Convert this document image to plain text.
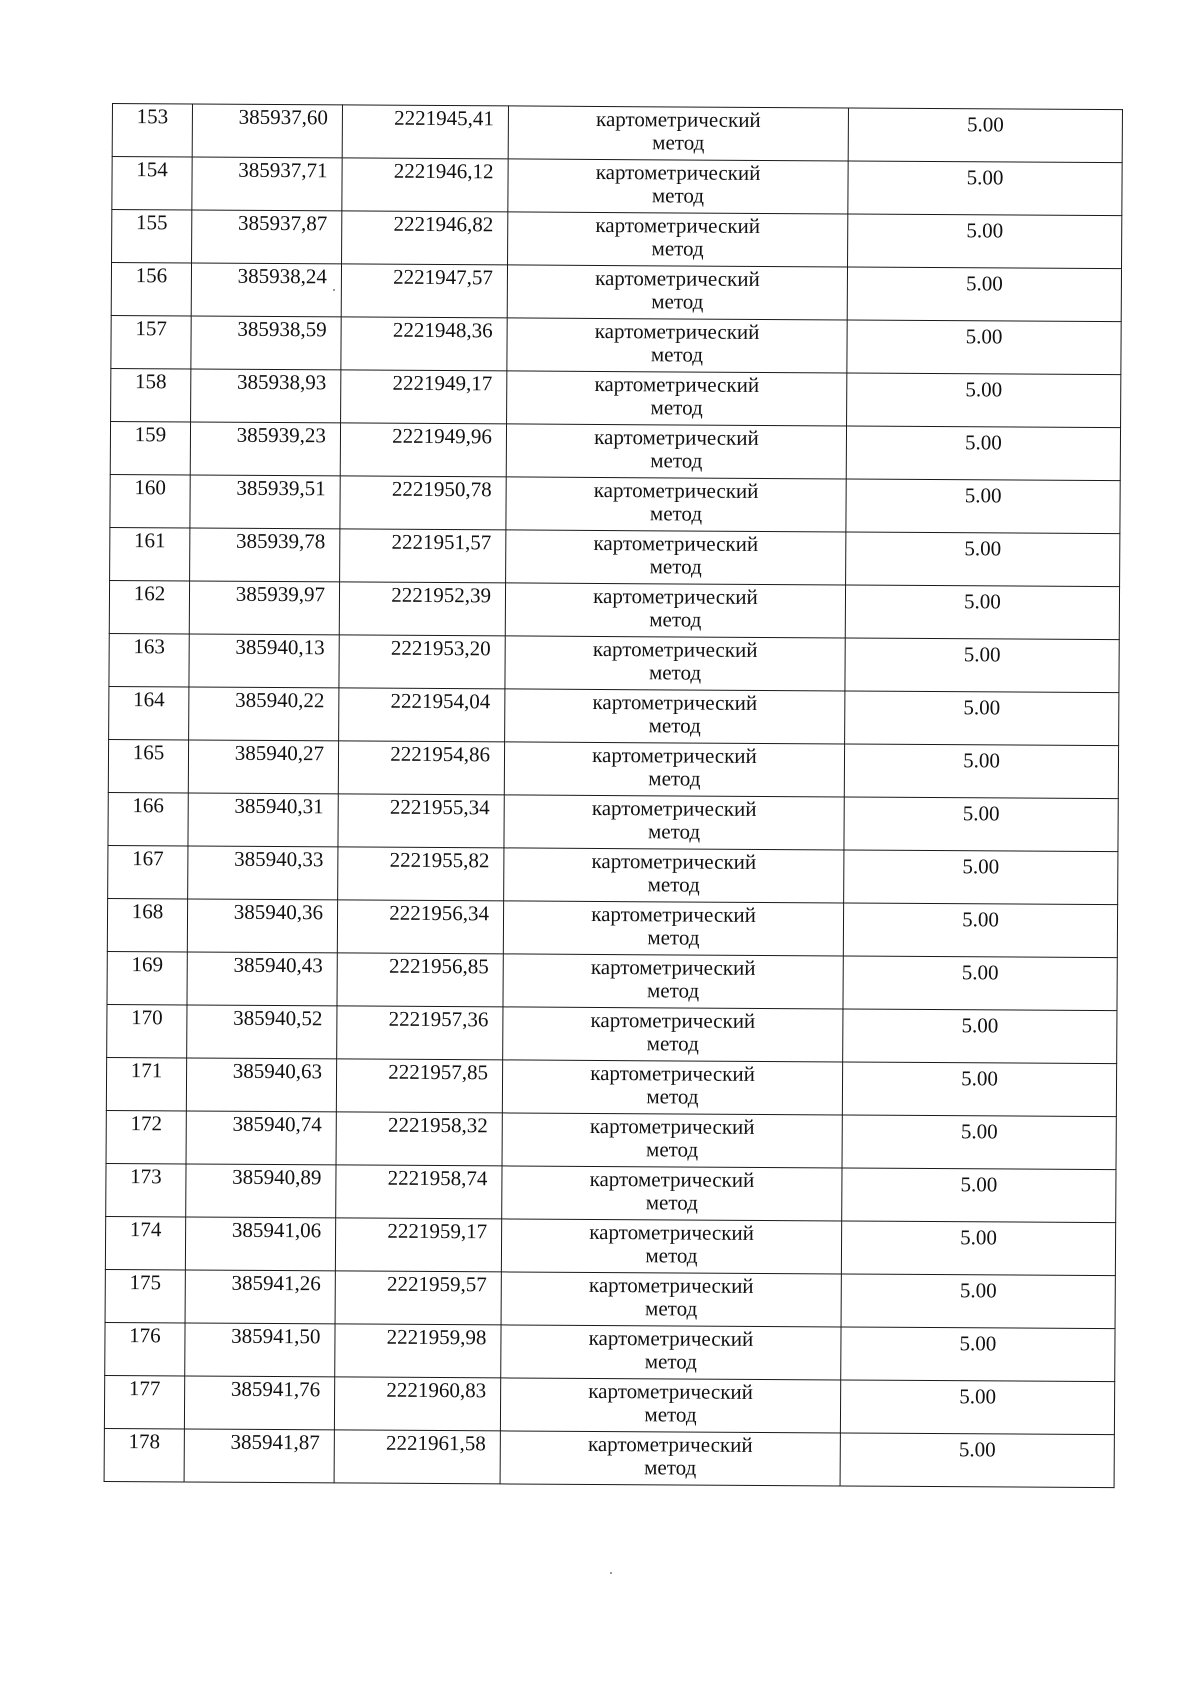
153	385937,60	2221945,41	картометрический
метод	5.00
154	385937,71	2221946,12	картометрический
метод	5.00
155	385937,87	2221946,82	картометрический
метод	5.00
156	385938,24	2221947,57	картометрический
метод	5.00
157	385938,59	2221948,36	картометрический
метод	5.00
158	385938,93	2221949,17	картометрический
метод	5.00
159	385939,23	2221949,96	картометрический
метод	5.00
160	385939,51	2221950,78	картометрический
метод	5.00
161	385939,78	2221951,57	картометрический
метод	5.00
162	385939,97	2221952,39	картометрический
метод	5.00
163	385940,13	2221953,20	картометрический
метод	5.00
164	385940,22	2221954,04	картометрический
метод	5.00
165	385940,27	2221954,86	картометрический
метод	5.00
166	385940,31	2221955,34	картометрический
метод	5.00
167	385940,33	2221955,82	картометрический
метод	5.00
168	385940,36	2221956,34	картометрический
метод	5.00
169	385940,43	2221956,85	картометрический
метод	5.00
170	385940,52	2221957,36	картометрический
метод	5.00
171	385940,63	2221957,85	картометрический
метод	5.00
172	385940,74	2221958,32	картометрический
метод	5.00
173	385940,89	2221958,74	картометрический
метод	5.00
174	385941,06	2221959,17	картометрический
метод	5.00
175	385941,26	2221959,57	картометрический
метод	5.00
176	385941,50	2221959,98	картометрический
метод	5.00
177	385941,76	2221960,83	картометрический
метод	5.00
178	385941,87	2221961,58	картометрический
метод	5.00
